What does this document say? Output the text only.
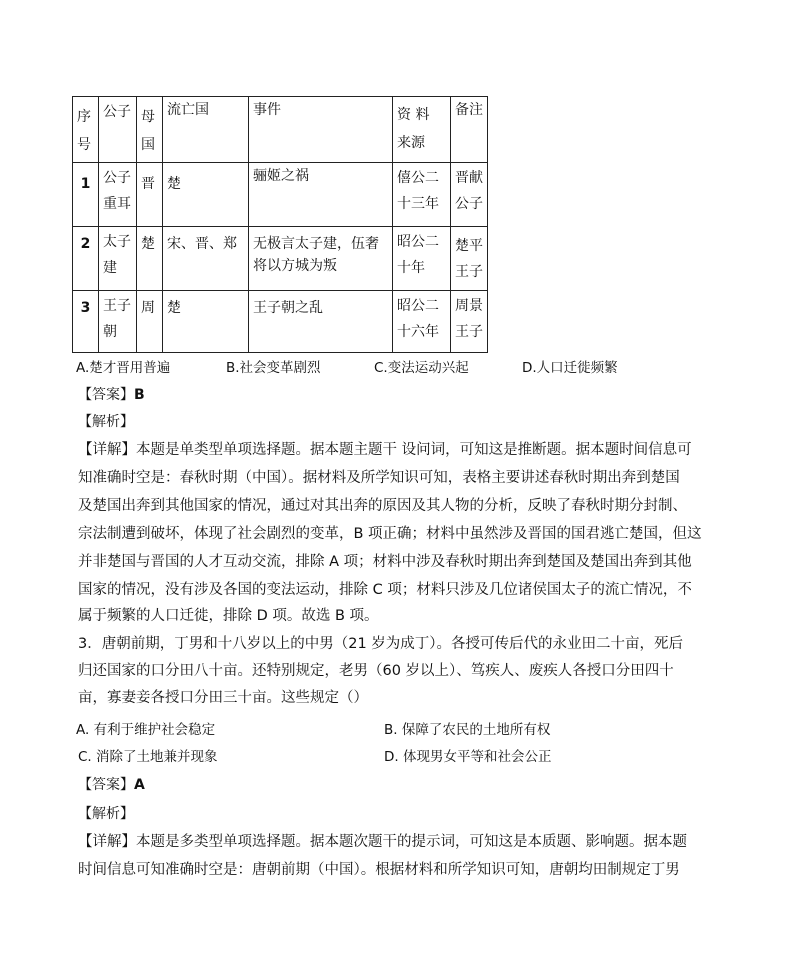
序号	公子	母国	流亡国	事件	资 料 来源	备注
1	公子重耳	晋	楚	骊姬之祸	僖公二十三年	晋献公子
2	太子建	楚	宋、晋、郑	无极言太子建，伍奢将以方城为叛	昭公二十年	楚平王子
3	王子朝	周	楚	王子朝之乱	昭公二十六年	周景王子
A.楚才晋用普遍	B.社会变革剧烈	C.变法运动兴起	D.人口迁徙频繁
【答案】B
【解析】
【详解】本题是单类型单项选择题。据本题主题干 设问词，可知这是推断题。据本题时间信息可
知准确时空是：春秋时期（中国）。据材料及所学知识可知，表格主要讲述春秋时期出奔到楚国
及楚国出奔到其他国家的情况，通过对其出奔的原因及其人物的分析，反映了春秋时期分封制、
宗法制遭到破坏，体现了社会剧烈的变革，B 项正确；材料中虽然涉及晋国的国君逃亡楚国，但这
并非楚国与晋国的人才互动交流，排除 A 项；材料中涉及春秋时期出奔到楚国及楚国出奔到其他
国家的情况，没有涉及各国的变法运动，排除 C 项；材料只涉及几位诸侯国太子的流亡情况，不
属于频繁的人口迁徙，排除 D 项。故选 B 项。
3．唐朝前期，丁男和十八岁以上的中男（21 岁为成丁）。各授可传后代的永业田二十亩，死后
归还国家的口分田八十亩。还特别规定，老男（60 岁以上）、笃疾人、废疾人各授口分田四十
亩，寡妻妾各授口分田三十亩。这些规定（）
A. 有利于维护社会稳定	B. 保障了农民的土地所有权
C. 消除了土地兼并现象	D. 体现男女平等和社会公正
【答案】A
【解析】
【详解】本题是多类型单项选择题。据本题次题干的提示词，可知这是本质题、影响题。据本题
时间信息可知准确时空是：唐朝前期（中国）。根据材料和所学知识可知，唐朝均田制规定丁男
